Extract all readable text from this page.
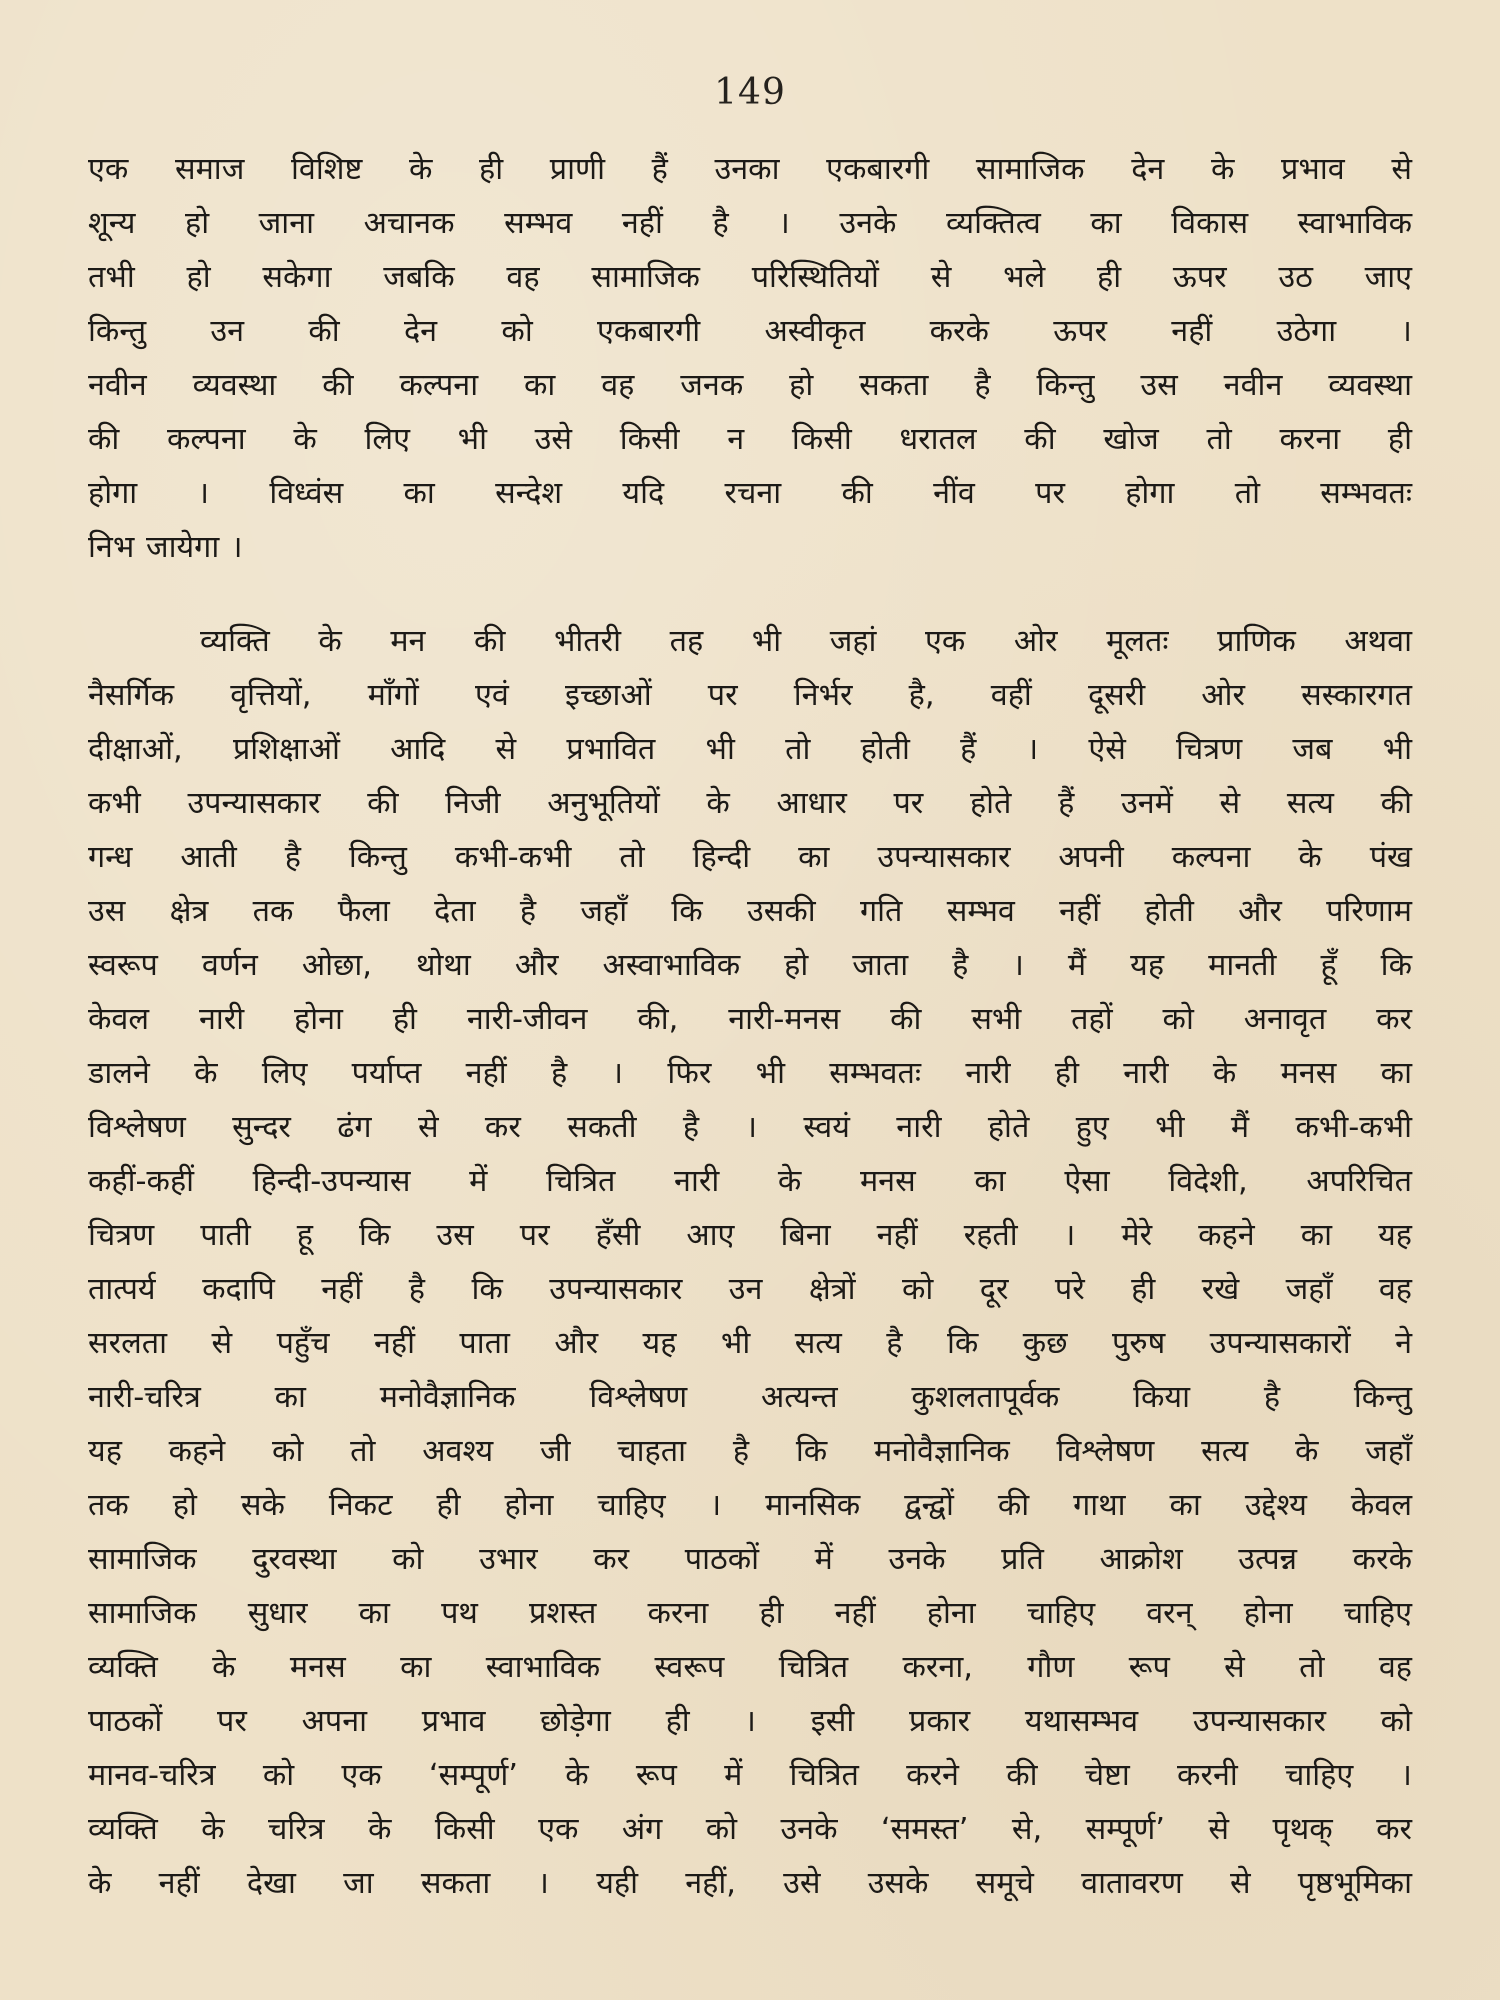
149
एक समाज विशिष्ट के ही प्राणी हैं उनका एकबारगी सामाजिक देन के प्रभाव से
शून्य हो जाना अचानक सम्भव नहीं है । उनके व्यक्तित्व का विकास स्वाभाविक
तभी हो सकेगा जबकि वह सामाजिक परिस्थितियों से भले ही ऊपर उठ जाए
किन्तु उन की देन को एकबारगी अस्वीकृत करके ऊपर नहीं उठेगा ।
नवीन व्यवस्था की कल्पना का वह जनक हो सकता है किन्तु उस नवीन व्यवस्था
की कल्पना के लिए भी उसे किसी न किसी धरातल की खोज तो करना ही
होगा । विध्वंस का सन्देश यदि रचना की नींव पर होगा तो सम्भवतः
निभ जायेगा ।
व्यक्ति के मन की भीतरी तह भी जहां एक ओर मूलतः प्राणिक अथवा
नैसर्गिक वृत्तियों, माँगों एवं इच्छाओं पर निर्भर है, वहीं दूसरी ओर सस्कारगत
दीक्षाओं, प्रशिक्षाओं आदि से प्रभावित भी तो होती हैं । ऐसे चित्रण जब भी
कभी उपन्यासकार की निजी अनुभूतियों के आधार पर होते हैं उनमें से सत्य की
गन्ध आती है किन्तु कभी-कभी तो हिन्दी का उपन्यासकार अपनी कल्पना के पंख
उस क्षेत्र तक फैला देता है जहाँ कि उसकी गति सम्भव नहीं होती और परिणाम
स्वरूप वर्णन ओछा, थोथा और अस्वाभाविक हो जाता है । मैं यह मानती हूँ कि
केवल नारी होना ही नारी-जीवन की, नारी-मनस की सभी तहों को अनावृत कर
डालने के लिए पर्याप्त नहीं है । फिर भी सम्भवतः नारी ही नारी के मनस का
विश्लेषण सुन्दर ढंग से कर सकती है । स्वयं नारी होते हुए भी मैं कभी-कभी
कहीं-कहीं हिन्दी-उपन्यास में चित्रित नारी के मनस का ऐसा विदेशी, अपरिचित
चित्रण पाती हू कि उस पर हँसी आए बिना नहीं रहती । मेरे कहने का यह
तात्पर्य कदापि नहीं है कि उपन्यासकार उन क्षेत्रों को दूर परे ही रखे जहाँ वह
सरलता से पहुँच नहीं पाता और यह भी सत्य है कि कुछ पुरुष उपन्यासकारों ने
नारी-चरित्र का मनोवैज्ञानिक विश्लेषण अत्यन्त कुशलतापूर्वक किया है किन्तु
यह कहने को तो अवश्य जी चाहता है कि मनोवैज्ञानिक विश्लेषण सत्य के जहाँ
तक हो सके निकट ही होना चाहिए । मानसिक द्वन्द्वों की गाथा का उद्देश्य केवल
सामाजिक दुरवस्था को उभार कर पाठकों में उनके प्रति आक्रोश उत्पन्न करके
सामाजिक सुधार का पथ प्रशस्त करना ही नहीं होना चाहिए वरन् होना चाहिए
व्यक्ति के मनस का स्वाभाविक स्वरूप चित्रित करना, गौण रूप से तो वह
पाठकों पर अपना प्रभाव छोड़ेगा ही । इसी प्रकार यथासम्भव उपन्यासकार को
मानव-चरित्र को एक ‘सम्पूर्ण’ के रूप में चित्रित करने की चेष्टा करनी चाहिए ।
व्यक्ति के चरित्र के किसी एक अंग को उनके ‘समस्त’ से, सम्पूर्ण’ से पृथक् कर
के नहीं देखा जा सकता । यही नहीं, उसे उसके समूचे वातावरण से पृष्ठभूमिका
